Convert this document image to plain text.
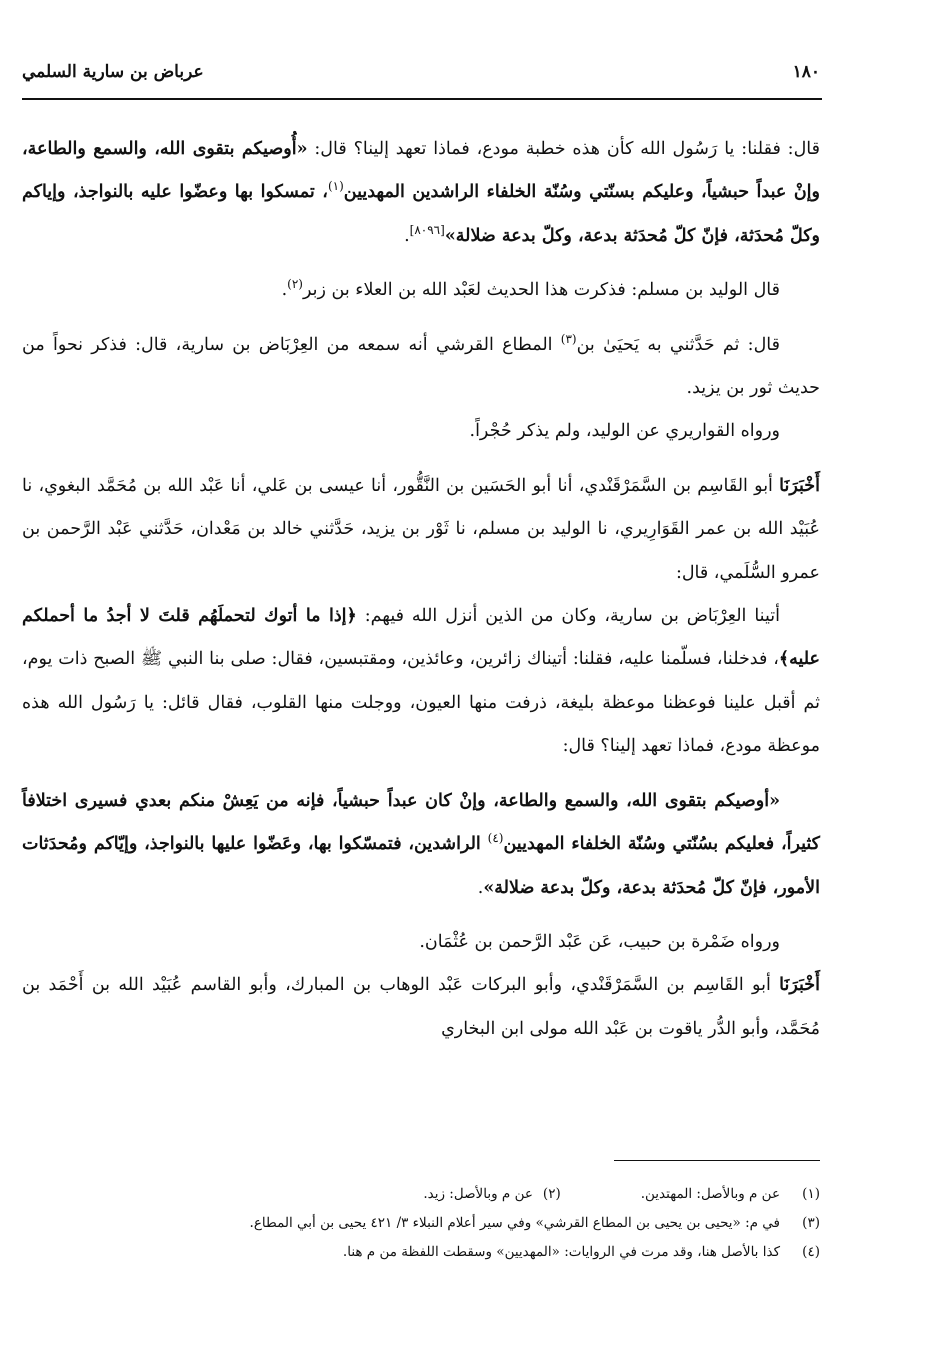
١٨٠
عرباض بن سارية السلمي

قال: فقلنا: يا رَسُول الله كأن هذه خطبة مودع، فماذا تعهد إلينا؟ قال: «أُوصيكم بتقوى الله، والسمع والطاعة، وإنْ عبداً حبشياً، وعليكم بسنّتي وسُنّة الخلفاء الراشدين المهديين$^{(١)}$، تمسكوا بها وعضّوا عليه بالنواجذ، وإياكم وكلّ مُحدَثة، فإنّ كلّ مُحدَثة بدعة، وكلّ بدعة ضلالة»[٨٠٩٦].

قال الوليد بن مسلم: فذكرت هذا الحديث لعَبْد الله بن العلاء بن زبر$^{(٢)}$.

قال: ثم حَدَّثني به يَحيَىٰ بن$^{(٣)}$ المطاع القرشي أنه سمعه من العِرْبَاض بن سارية، قال: فذكر نحواً من حديث ثور بن يزيد.

ورواه القواريري عن الوليد، ولم يذكر حُجْراً.

أَخْبَرَنَا أبو القَاسِم بن السَّمَرْقَنْدي، أنا أبو الحَسَين بن النَّقُّور، أنا عيسى بن عَلي، أنا عَبْد الله بن مُحَمَّد البغوي، نا عُبَيْد الله بن عمر القَوَارِيري، نا الوليد بن مسلم، نا ثَوْر بن يزيد، حَدَّثني خالد بن مَعْدان، حَدَّثني عَبْد الرَّحمن بن عمرو السُّلَمي، قال:

أتينا العِرْبَاض بن سارية، وكان من الذين أنزل الله فيهم: ﴿إذا ما أتوك لتحملَهُم قلتَ لا أجدُ ما أحملكم عليه﴾، فدخلنا، فسلّمنا عليه، فقلنا: أتيناك زائرين، وعائذين، ومقتبسين، فقال: صلى بنا النبي ﷺ الصبح ذات يوم، ثم أقبل علينا فوعظنا موعظة بليغة، ذرفت منها العيون، ووجلت منها القلوب، فقال قائل: يا رَسُول الله هذه موعظة مودع، فماذا تعهد إلينا؟ قال:

«أوصيكم بتقوى الله، والسمع والطاعة، وإنْ كان عبداً حبشياً، فإنه من يَعِشْ منكم بعدي فسيرى اختلافاً كثيراً، فعليكم بسُنّتي وسُنّة الخلفاء المهديين$^{(٤)}$ الراشدين، فتمسّكوا بها، وعَضّوا عليها بالنواجذ، وإيّاكم ومُحدَثات الأمور، فإنّ كلّ مُحدَثة بدعة، وكلّ بدعة ضلالة».

ورواه ضَمْرة بن حبيب، عَن عَبْد الرَّحمن بن عُثْمَان.

أَخْبَرَنَا أبو القَاسِم بن السَّمَرْقَنْدي، وأبو البركات عَبْد الوهاب بن المبارك، وأبو القاسم عُبَيْد الله بن أَحْمَد بن مُحَمَّد، وأبو الدُّر ياقوت بن عَبْد الله مولى ابن البخاري

(١)
عن م وبالأصل: المهتدين.
(٢)
عن م وبالأصل: زيد.
(٣)
في م: «يحيى بن يحيى بن المطاع القرشي» وفي سير أعلام النبلاء ٣/ ٤٢١ يحيى بن أبي المطاع.
(٤)
كذا بالأصل هنا، وقد مرت في الروايات: «المهديين» وسقطت اللفظة من م هنا.
